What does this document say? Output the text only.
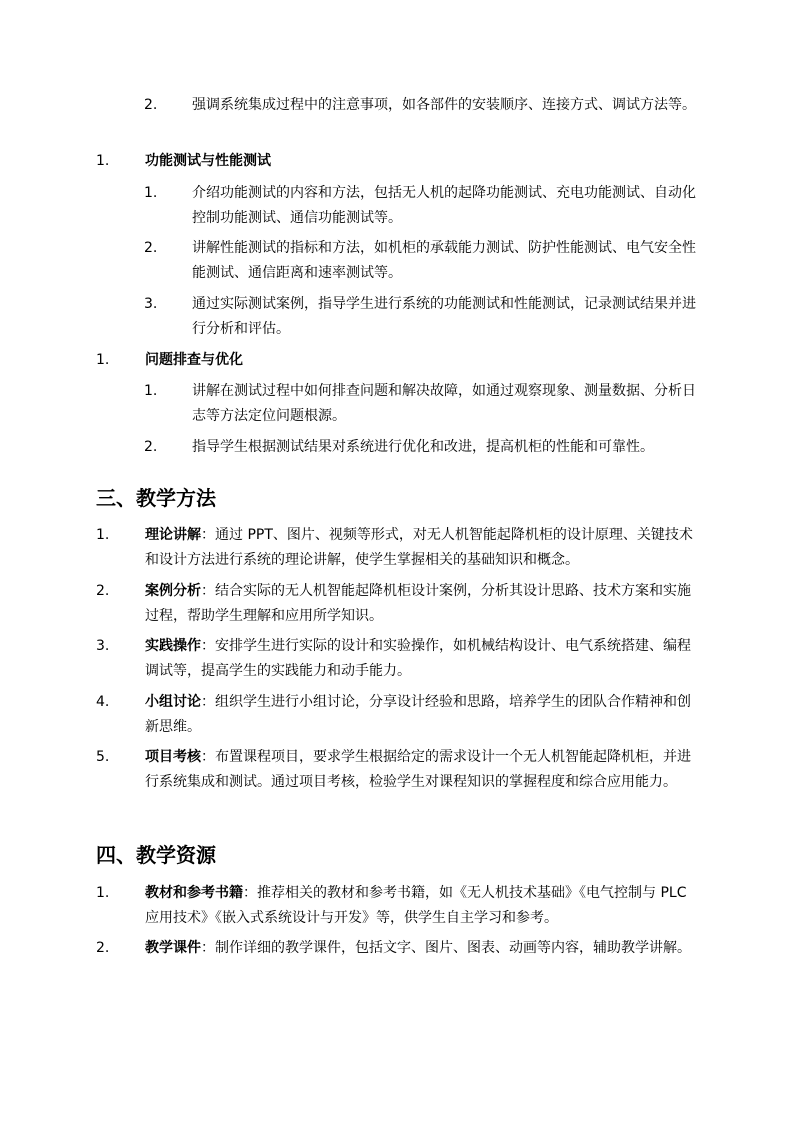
2. 强调系统集成过程中的注意事项，如各部件的安装顺序、连接方式、调试方法等。
1.	功能测试与性能测试
1. 介绍功能测试的内容和方法，包括无人机的起降功能测试、充电功能测试、自动化控制功能测试、通信功能测试等。
2. 讲解性能测试的指标和方法，如机柜的承载能力测试、防护性能测试、电气安全性能测试、通信距离和速率测试等。
3. 通过实际测试案例，指导学生进行系统的功能测试和性能测试，记录测试结果并进行分析和评估。
1.	问题排查与优化
1. 讲解在测试过程中如何排查问题和解决故障，如通过观察现象、测量数据、分析日志等方法定位问题根源。
2. 指导学生根据测试结果对系统进行优化和改进，提高机柜的性能和可靠性。
三、教学方法
1.	理论讲解：通过 PPT、图片、视频等形式，对无人机智能起降机柜的设计原理、关键技术和设计方法进行系统的理论讲解，使学生掌握相关的基础知识和概念。
2.	案例分析：结合实际的无人机智能起降机柜设计案例，分析其设计思路、技术方案和实施过程，帮助学生理解和应用所学知识。
3.	实践操作：安排学生进行实际的设计和实验操作，如机械结构设计、电气系统搭建、编程调试等，提高学生的实践能力和动手能力。
4.	小组讨论：组织学生进行小组讨论，分享设计经验和思路，培养学生的团队合作精神和创新思维。
5.	项目考核：布置课程项目，要求学生根据给定的需求设计一个无人机智能起降机柜，并进行系统集成和测试。通过项目考核，检验学生对课程知识的掌握程度和综合应用能力。
四、教学资源
1.	教材和参考书籍：推荐相关的教材和参考书籍，如《无人机技术基础》《电气控制与 PLC 应用技术》《嵌入式系统设计与开发》等，供学生自主学习和参考。
2.	教学课件：制作详细的教学课件，包括文字、图片、图表、动画等内容，辅助教学讲解。
